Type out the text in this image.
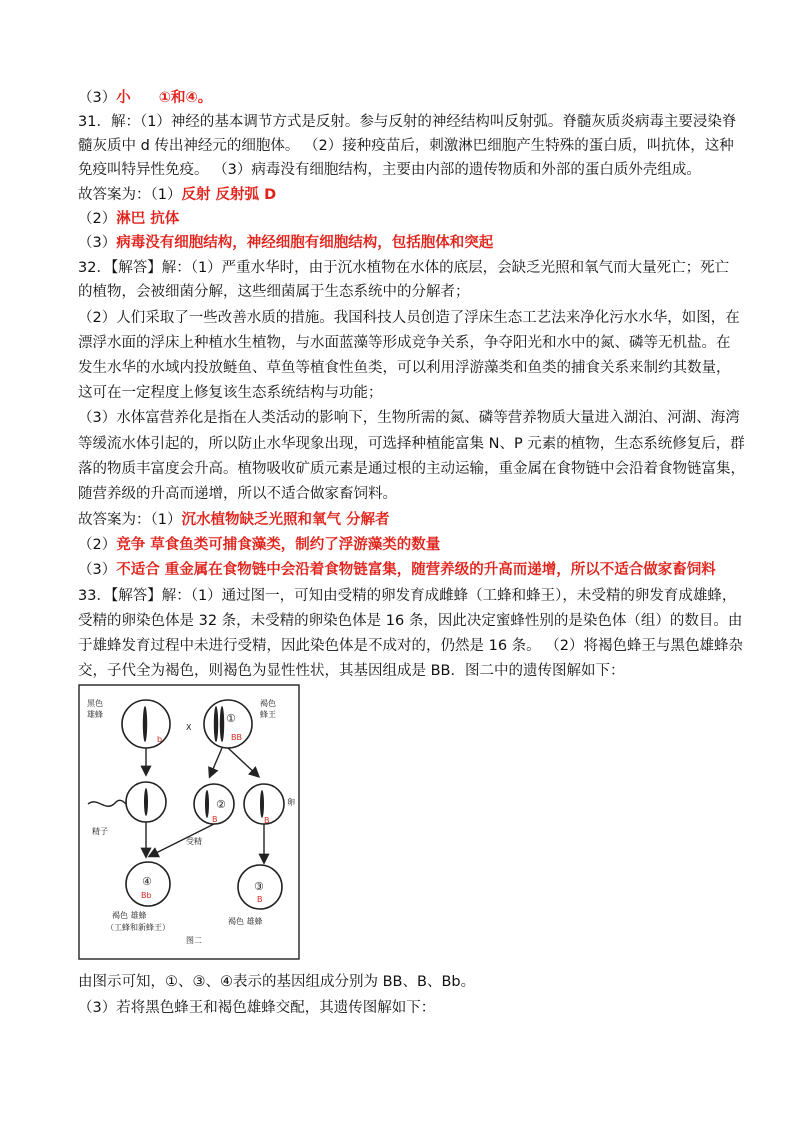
（3）小 ①和④。
31．解：（1）神经的基本调节方式是反射。参与反射的神经结构叫反射弧。脊髓灰质炎病毒主要浸染脊
髓灰质中 d 传出神经元的细胞体。 （2）接种疫苗后，刺激淋巴细胞产生特殊的蛋白质，叫抗体，这种
免疫叫特异性免疫。 （3）病毒没有细胞结构，主要由内部的遗传物质和外部的蛋白质外壳组成。
故答案为：（1）反射 反射弧 D
（2）淋巴 抗体
（3）病毒没有细胞结构，神经细胞有细胞结构，包括胞体和突起
32．【解答】解：（1）严重水华时，由于沉水植物在水体的底层，会缺乏光照和氧气而大量死亡；死亡
的植物，会被细菌分解，这些细菌属于生态系统中的分解者；
（2）人们采取了一些改善水质的措施。我国科技人员创造了浮床生态工艺法来净化污水水华，如图，在
漂浮水面的浮床上种植水生植物，与水面蓝藻等形成竞争关系，争夺阳光和水中的氮、磷等无机盐。在
发生水华的水域内投放鲢鱼、草鱼等植食性鱼类，可以利用浮游藻类和鱼类的捕食关系来制约其数量，
这可在一定程度上修复该生态系统结构与功能；
（3）水体富营养化是指在人类活动的影响下，生物所需的氮、磷等营养物质大量进入湖泊、河湖、海湾
等缓流水体引起的，所以防止水华现象出现，可选择种植能富集 N、P 元素的植物，生态系统修复后，群
落的物质丰富度会升高。植物吸收矿质元素是通过根的主动运输，重金属在食物链中会沿着食物链富集，
随营养级的升高而递增，所以不适合做家畜饲料。
故答案为：（1）沉水植物缺乏光照和氧气 分解者
（2）竞争 草食鱼类可捕食藻类，制约了浮游藻类的数量
（3）不适合 重金属在食物链中会沿着食物链富集，随营养级的升高而递增，所以不适合做家畜饲料
33．【解答】解：（1）通过图一，可知由受精的卵发育成雌蜂（工蜂和蜂王），未受精的卵发育成雄蜂，
受精的卵染色体是 32 条，未受精的卵染色体是 16 条，因此决定蜜蜂性别的是染色体（组）的数目。由
于雄蜂发育过程中未进行受精，因此染色体是不成对的，仍然是 16 条。 （2）将褐色蜂王与黑色雄蜂杂
交，子代全为褐色，则褐色为显性性状，其基因组成是 BB．图二中的遗传图解如下：
黑色
雄蜂
b
X
①
BB
褐色
蜂王
精子
②
B	B
卵
受精
④
Bb
褐色 雄蜂
（工蜂和新蜂王）
③
B
褐色 雄蜂
图二
由图示可知，①、③、④表示的基因组成分别为 BB、B、Bb。
（3）若将黑色蜂王和褐色雄蜂交配，其遗传图解如下：
